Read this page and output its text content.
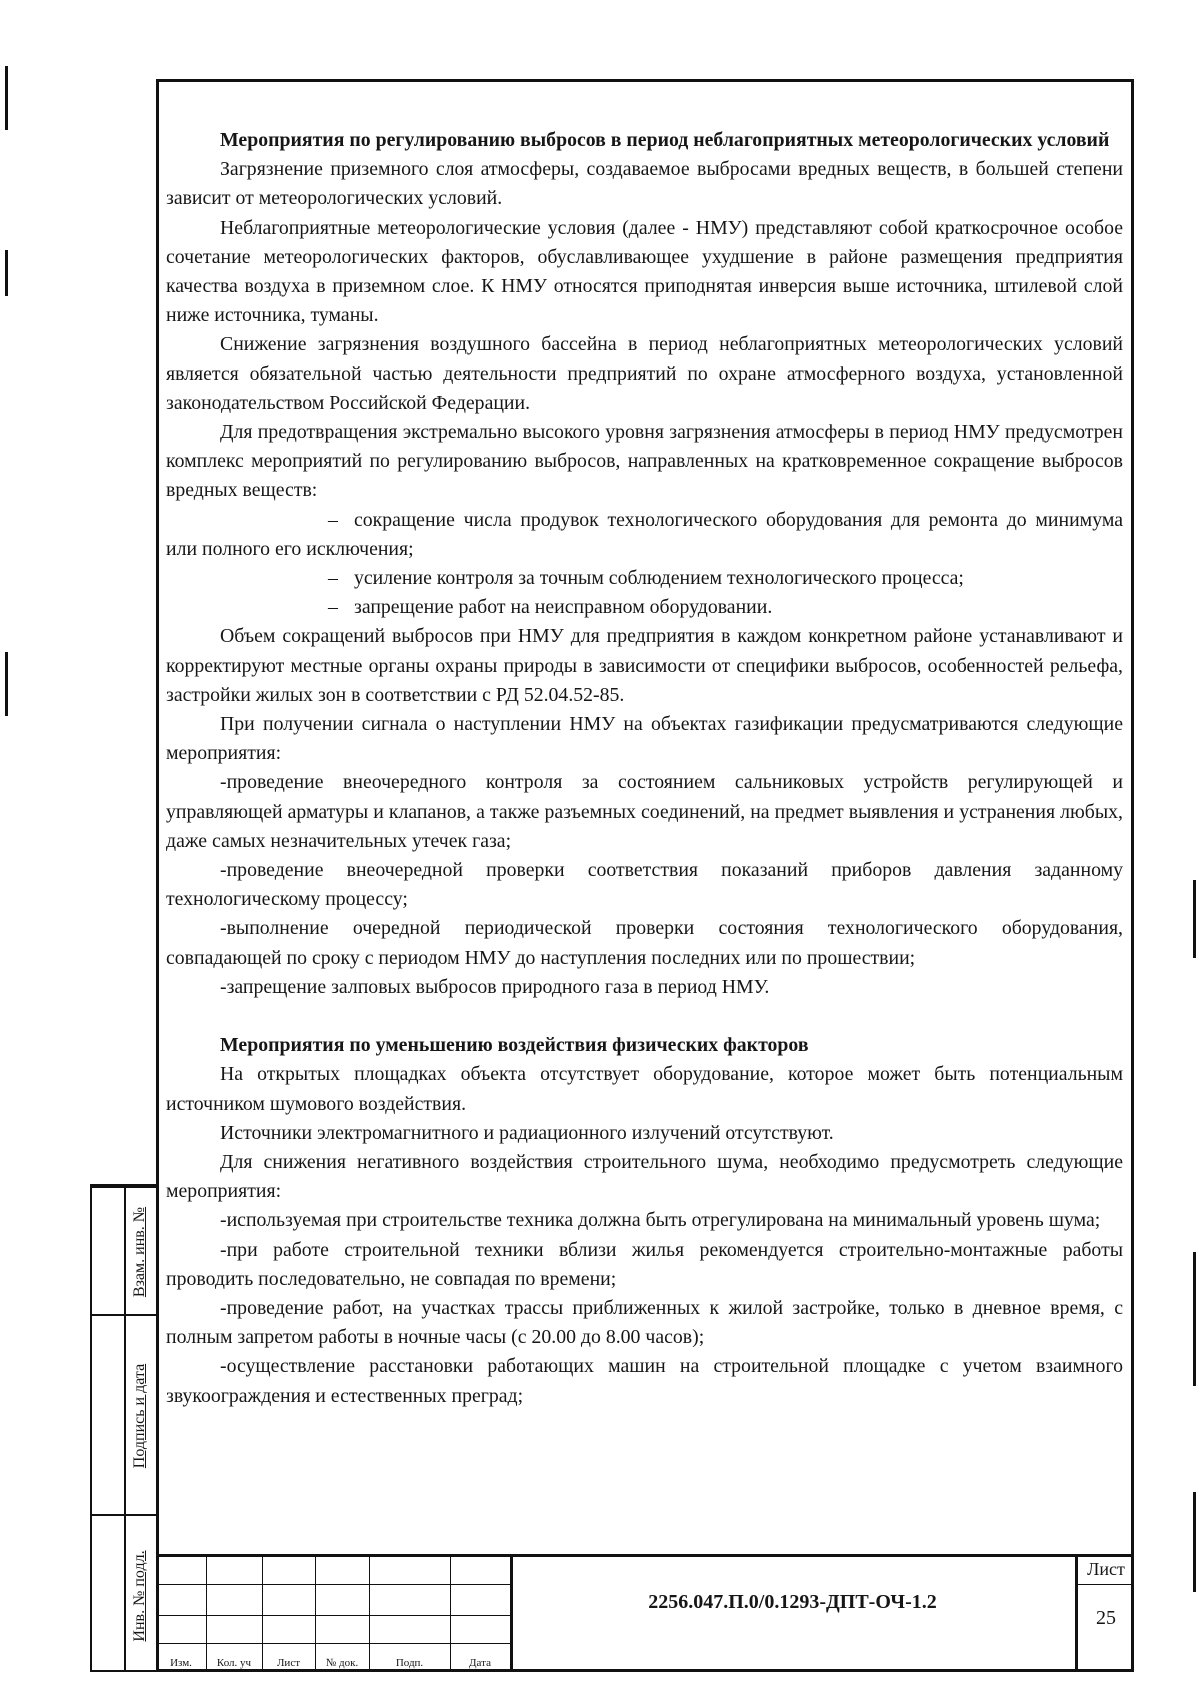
Мероприятия по регулированию выбросов в период неблагоприятных метеорологических условий

Загрязнение приземного слоя атмосферы, создаваемое выбросами вредных веществ, в большей степени зависит от метеорологических условий.

Неблагоприятные метеорологические условия (далее - НМУ) представляют собой краткосрочное особое сочетание метеорологических факторов, обуславливающее ухудшение в районе размещения предприятия качества воздуха в приземном слое. К НМУ относятся приподнятая инверсия выше источника, штилевой слой ниже источника, туманы.

Снижение загрязнения воздушного бассейна в период неблагоприятных метеорологических условий является обязательной частью деятельности предприятий по охране атмосферного воздуха, установленной законодательством Российской Федерации.

Для предотвращения экстремально высокого уровня загрязнения атмосферы в период НМУ предусмотрен комплекс мероприятий по регулированию выбросов, направленных на кратковременное сокращение выбросов вредных веществ:

– сокращение числа продувок технологического оборудования для ремонта до минимума или полного его исключения;

– усиление контроля за точным соблюдением технологического процесса;

– запрещение работ на неисправном оборудовании.

Объем сокращений выбросов при НМУ для предприятия в каждом конкретном районе устанавливают и корректируют местные органы охраны природы в зависимости от специфики выбросов, особенностей рельефа, застройки жилых зон в соответствии с РД 52.04.52-85.

При получении сигнала о наступлении НМУ на объектах газификации предусматриваются следующие мероприятия:

-проведение внеочередного контроля за состоянием сальниковых устройств регулирующей и управляющей арматуры и клапанов, а также разъемных соединений, на предмет выявления и устранения любых, даже самых незначительных утечек газа;

-проведение внеочередной проверки соответствия показаний приборов давления заданному технологическому процессу;

-выполнение очередной периодической проверки состояния технологического оборудования, совпадающей по сроку с периодом НМУ до наступления последних или по прошествии;

-запрещение залповых выбросов природного газа в период НМУ.

Мероприятия по уменьшению воздействия физических факторов

На открытых площадках объекта отсутствует оборудование, которое может быть потенциальным источником шумового воздействия.

Источники электромагнитного и радиационного излучений отсутствуют.

Для снижения негативного воздействия строительного шума, необходимо предусмотреть следующие мероприятия:

-используемая при строительстве техника должна быть отрегулирована на минимальный уровень шума;

-при работе строительной техники вблизи жилья рекомендуется строительно-монтажные работы проводить последовательно, не совпадая по времени;

-проведение работ, на участках трассы приближенных к жилой застройке, только в дневное время, с полным запретом работы в ночные часы (с 20.00 до 8.00 часов);

-осуществление расстановки работающих машин на строительной площадке с учетом взаимного звукоограждения и естественных преград;

Взам. инв. №
Подпись и дата
Инв. № подл.
Изм.	Кол. уч	Лист	№ док.	Подп.	Дата
2256.047.П.0/0.1293-ДПТ-ОЧ-1.2
Лист
25
